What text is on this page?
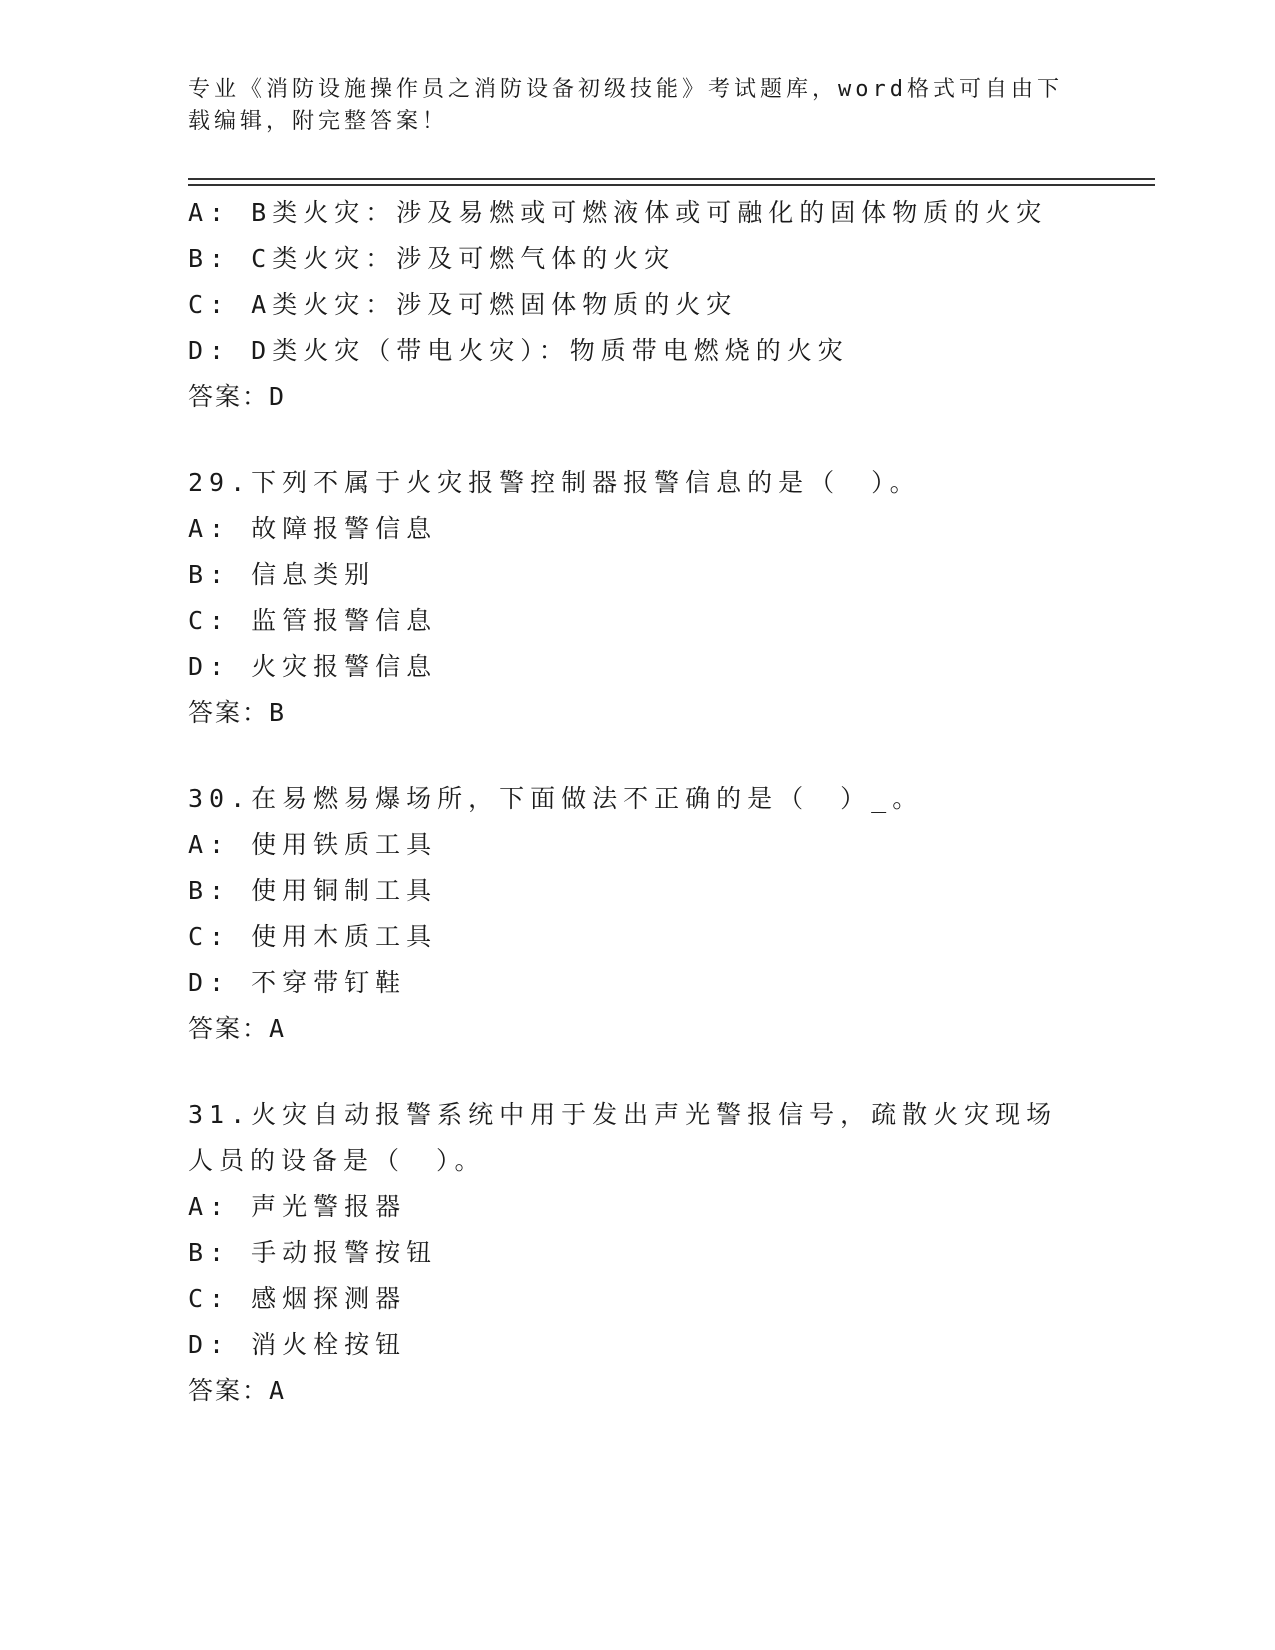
专业《消防设施操作员之消防设备初级技能》考试题库，word格式可自由下载编辑，附完整答案！
A: B类火灾：涉及易燃或可燃液体或可融化的固体物质的火灾
B: C类火灾：涉及可燃气体的火灾
C: A类火灾：涉及可燃固体物质的火灾
D: D类火灾（带电火灾）：物质带电燃烧的火灾
答案：D
29.下列不属于火灾报警控制器报警信息的是（　）。
A: 故障报警信息
B: 信息类别
C: 监管报警信息
D: 火灾报警信息
答案：B
30.在易燃易爆场所，下面做法不正确的是（　）_。
A: 使用铁质工具
B: 使用铜制工具
C: 使用木质工具
D: 不穿带钉鞋
答案：A
31.火灾自动报警系统中用于发出声光警报信号，疏散火灾现场人员的设备是（　）。
A: 声光警报器
B: 手动报警按钮
C: 感烟探测器
D: 消火栓按钮
答案：A
